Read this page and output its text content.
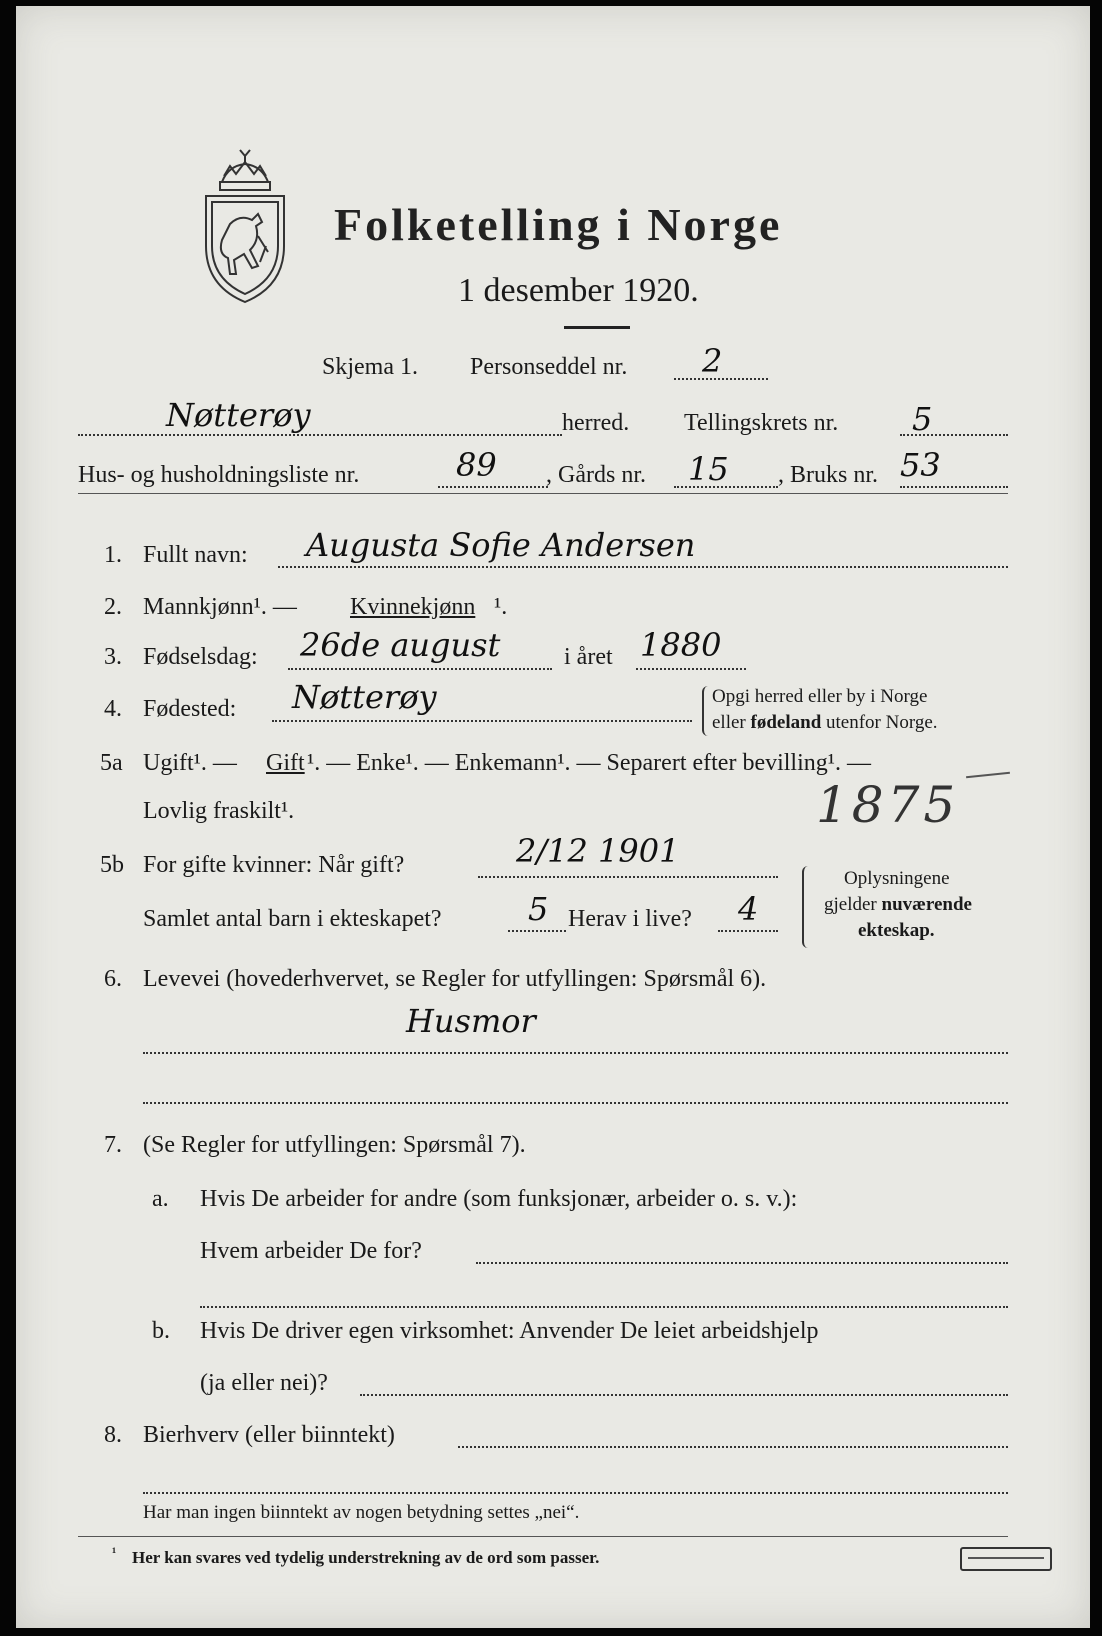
Folketelling i Norge
1 desember 1920.
Skjema 1. Personseddel nr. 2
Nøtterøy	herred. Tellingskrets nr. 5
Hus- og husholdningsliste nr.	89 , Gårds nr. 15 , Bruks nr. 53
1. Fullt navn: Augusta Sofie Andersen
2. Mannkjønn¹. — Kvinnekjønn ¹.
3. Fødselsdag: 26de august	i året 1880
4. Fødested: Nøtterøy	Opgi herred eller by i Norge
eller fødeland utenfor Norge.
5a Ugift¹. — Gift ¹. — Enke¹. — Enkemann¹. — Separert efter bevilling¹. —
Lovlig fraskilt¹.	1875
5b For gifte kvinner: Når gift?	2/12 1901
Samlet antal barn i ekteskapet?	5 Herav i live? 4
Oplysningene
gjelder nuværende
ekteskap.
6. Levevei (hovederhvervet, se Regler for utfyllingen: Spørsmål 6).
Husmor
7. (Se Regler for utfyllingen: Spørsmål 7).
a. Hvis De arbeider for andre (som funksjonær, arbeider o. s. v.):
Hvem arbeider De for?
b. Hvis De driver egen virksomhet: Anvender De leiet arbeidshjelp
(ja eller nei)?
8. Bierhverv (eller biinntekt)
Har man ingen biinntekt av nogen betydning settes „nei“.
¹ Her kan svares ved tydelig understrekning av de ord som passer.
